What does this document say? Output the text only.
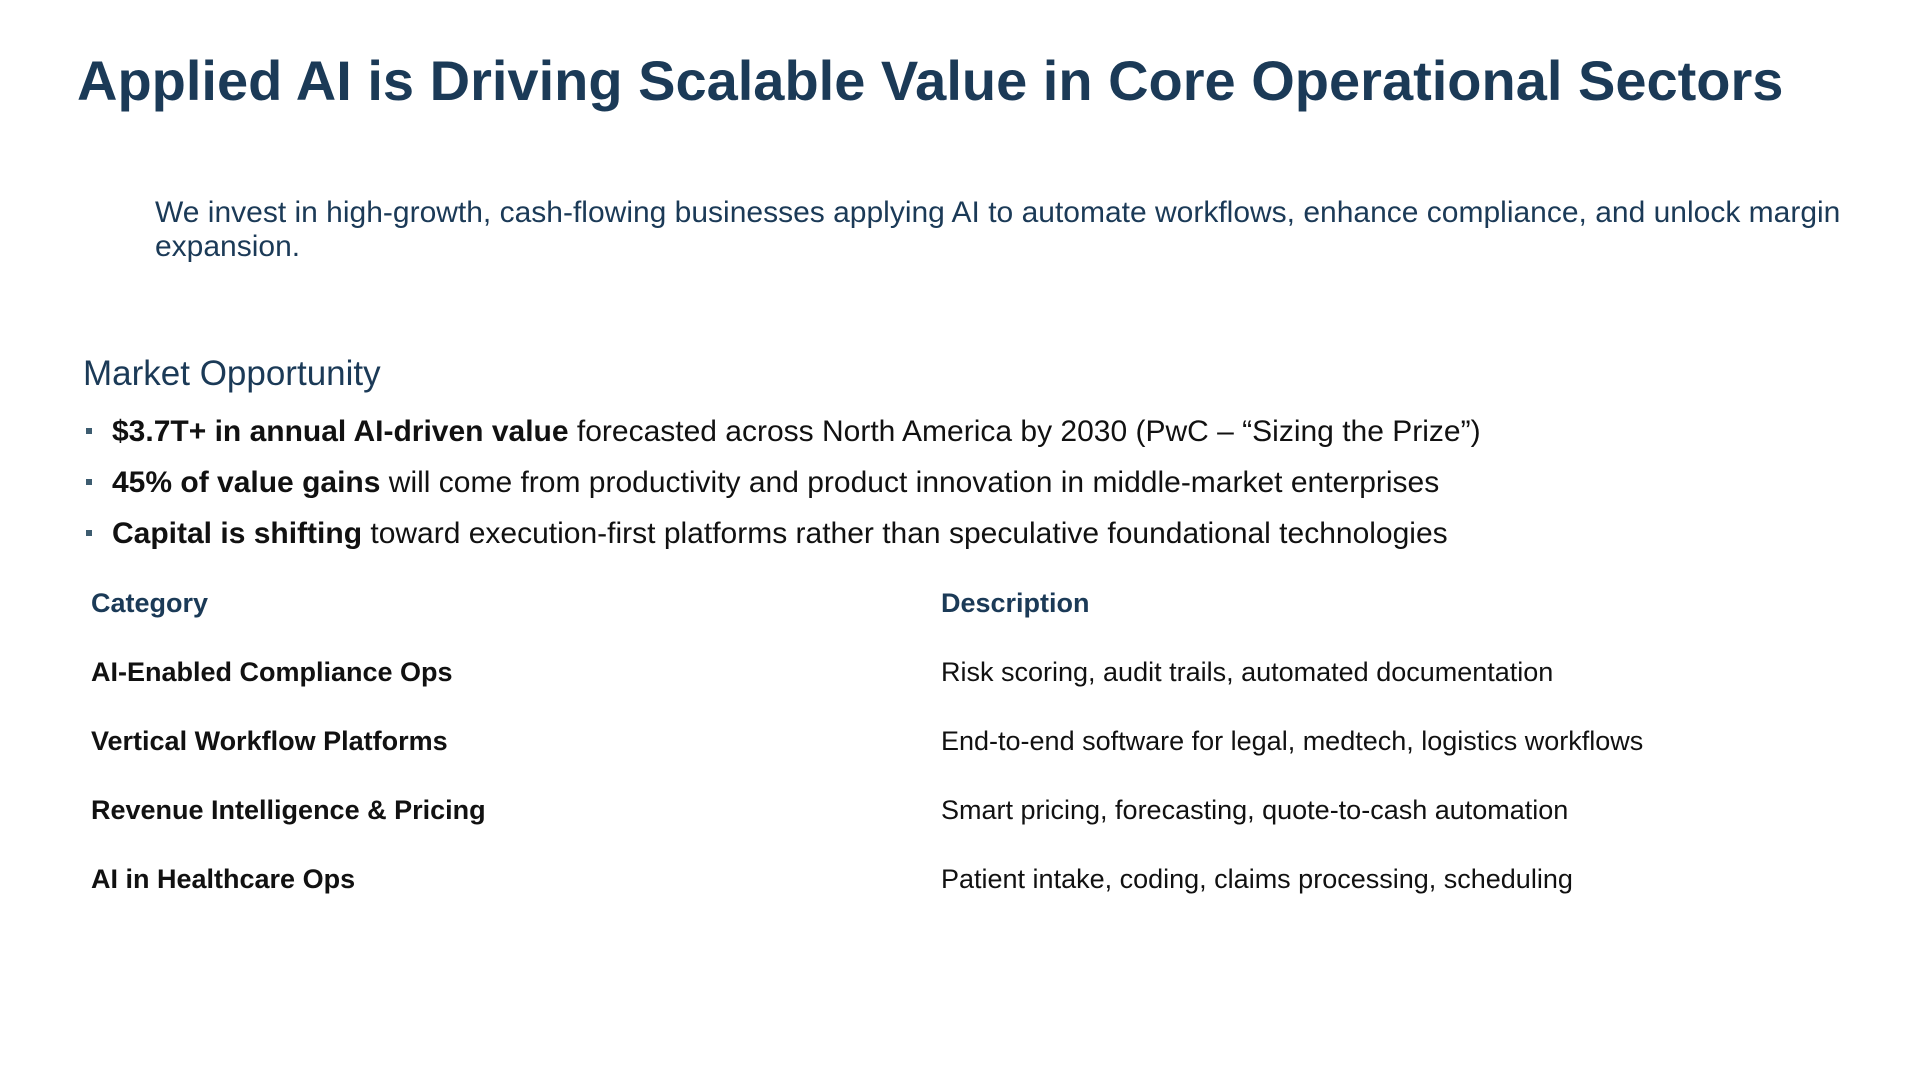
Applied AI is Driving Scalable Value in Core Operational Sectors

We invest in high-growth, cash-flowing businesses applying AI to automate workflows, enhance compliance, and unlock margin expansion.

Market Opportunity
$3.7T+ in annual AI-driven value forecasted across North America by 2030 (PwC – “Sizing the Prize”)
45% of value gains will come from productivity and product innovation in middle-market enterprises
Capital is shifting toward execution-first platforms rather than speculative foundational technologies
Category	Description
AI-Enabled Compliance Ops	Risk scoring, audit trails, automated documentation
Vertical Workflow Platforms	End-to-end software for legal, medtech, logistics workflows
Revenue Intelligence & Pricing	Smart pricing, forecasting, quote-to-cash automation
AI in Healthcare Ops	Patient intake, coding, claims processing, scheduling
